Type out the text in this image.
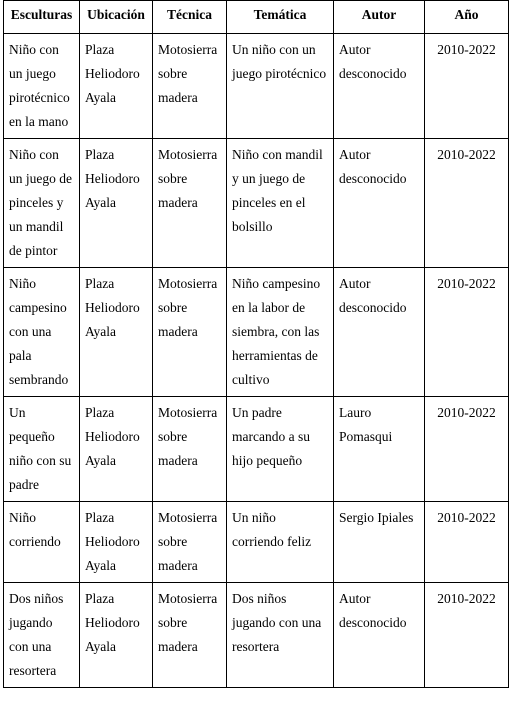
Esculturas	Ubicación	Técnica	Temática	Autor	Año
Niño con un juego pirotécnico en la mano	Plaza Heliodoro Ayala	Motosierra sobre madera	Un niño con un juego pirotécnico	Autor desconocido	2010-2022
Niño con un juego de pinceles y un mandil de pintor	Plaza Heliodoro Ayala	Motosierra sobre madera	Niño con mandil y un juego de pinceles en el bolsillo	Autor desconocido	2010-2022
Niño campesino con una pala sembrando	Plaza Heliodoro Ayala	Motosierra sobre madera	Niño campesino en la labor de siembra, con las herramientas de cultivo	Autor desconocido	2010-2022
Un pequeño niño con su padre	Plaza Heliodoro Ayala	Motosierra sobre madera	Un padre marcando a su hijo pequeño	Lauro Pomasqui	2010-2022
Niño corriendo	Plaza Heliodoro Ayala	Motosierra sobre madera	Un niño corriendo feliz	Sergio Ipiales	2010-2022
Dos niños jugando con una resortera	Plaza Heliodoro Ayala	Motosierra sobre madera	Dos niños jugando con una resortera	Autor desconocido	2010-2022
